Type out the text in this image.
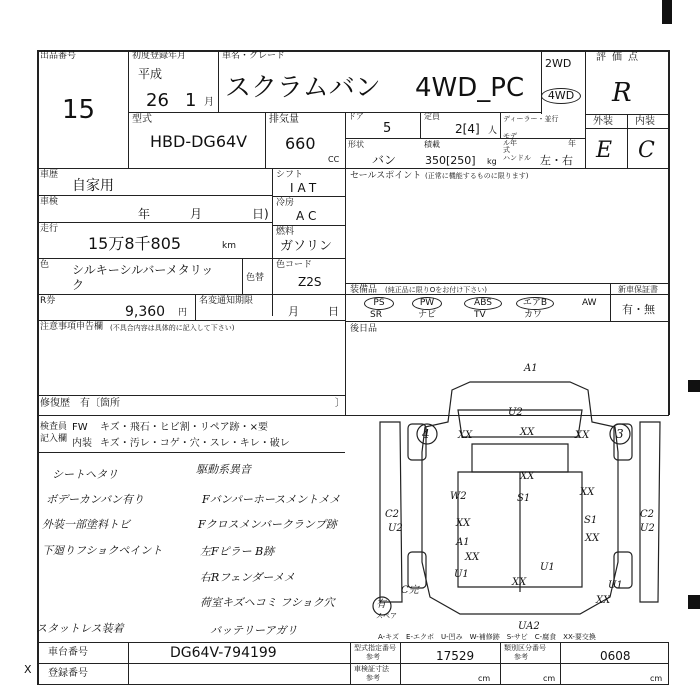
出品番号
15
初度登録年月
平成
26 1 月
車名・グレード
スクラムバン 4WD_PC
2WD
4WD
評価点
R
外装 内装
E C
型式
HBD-DG64V
排気量
660
CC
ドア
5
定員
2[4] 人
ディーラー・並行
モデル年式
年
形状
バン
積載
350[250] kg ハンドル 左・右
車歴
自家用
車検
年	月	日)
走行
15万8千805	km
色 シルキーシルバーメタリッ
ク	色替
色コード
Z2S
R券
9,360 円
名変通知期限
月	日
注意事項申告欄 (不具合内容は具体的に記入して下さい)
修復歴 有〔箇所	〕
シフト
IAT
冷房
AC
燃料
ガソリン
セールスポイント (正常に機能するものに限ります)
装備品 (純正品に限りΟをお付け下さい)
PS	PW	ABS	エアB	AW
SR	ナビ	TV	カワ
新車保証書
有・無
後日品
検査員記入欄
FW キズ・飛石・ヒビ割・リペア跡・×要
内装 キズ・汚レ・コゲ・穴・スレ・キレ・破レ
シートヘタリ
ボデーカンバン有り
外装一部塗料トビ
下廻りフショクペイント
スタットレス装着
駆動系異音
Fバンパーホースメントメメ
Fクロスメンバークランプ跡
左Fピラー B跡
右Rフェンダーメメ
荷室キズヘコミ フショク穴
バッテリーアガリ
A1
U2
XX
XX
4	XX 3
XX
W2	S1
XX
C2
U2	XX	S1
XX
C2
U2
A1
XX
U1
U1
XX
C完
有
スペア
UA2
U1
XX
A-キズ　E-エクボ　U-凹み　W-補修跡　S-サビ　C-腐食　XX-要交換
車台番号	DG64V-794199
登録番号
型式指定番号
参考	17529
類別区分番号
参考	0608
車検証寸法
参考	cm	cm	cm
X
